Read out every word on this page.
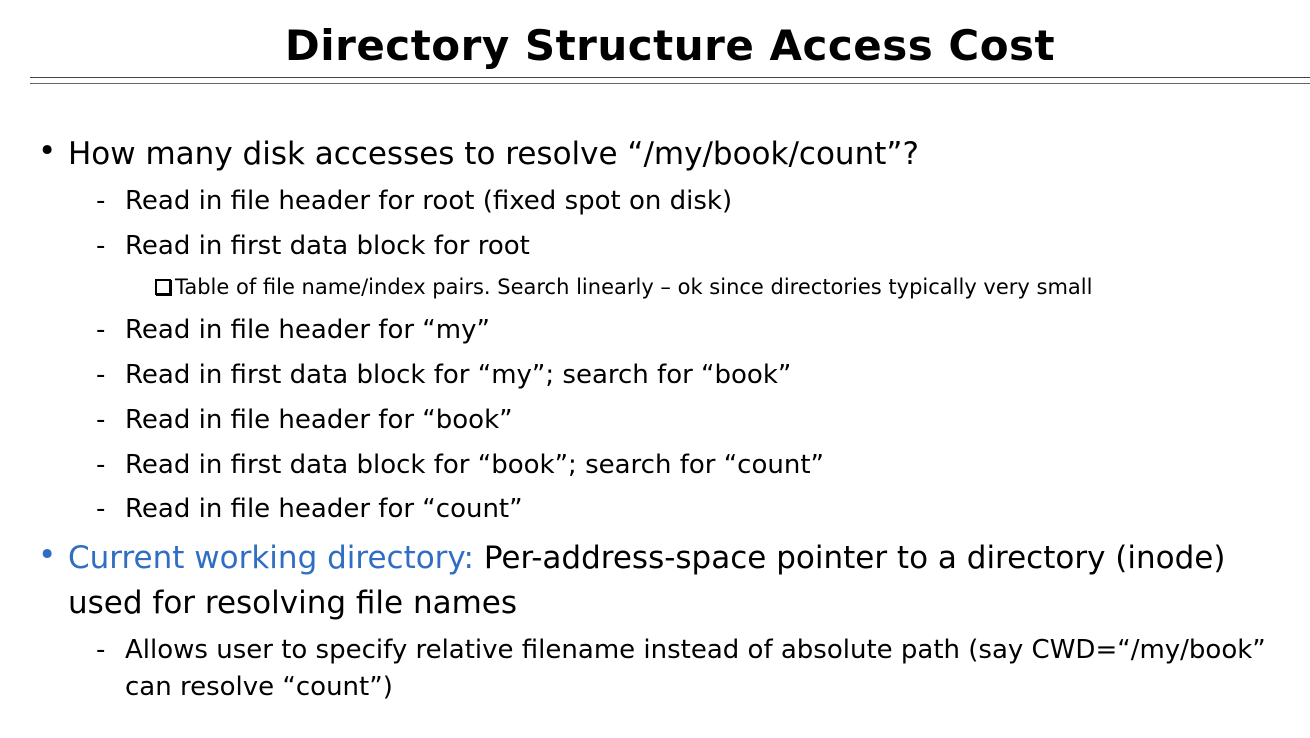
Directory Structure Access Cost
• How many disk accesses to resolve “/my/book/count”?
- Read in file header for root (fixed spot on disk)
- Read in first data block for root
Table of file name/index pairs. Search linearly – ok since directories typically very small
- Read in file header for “my”
- Read in first data block for “my”; search for “book”
- Read in file header for “book”
- Read in first data block for “book”; search for “count”
- Read in file header for “count”
• Current working directory: Per-address-space pointer to a directory (inode)
used for resolving file names
- Allows user to specify relative filename instead of absolute path (say CWD=“/my/book”
can resolve “count”)
